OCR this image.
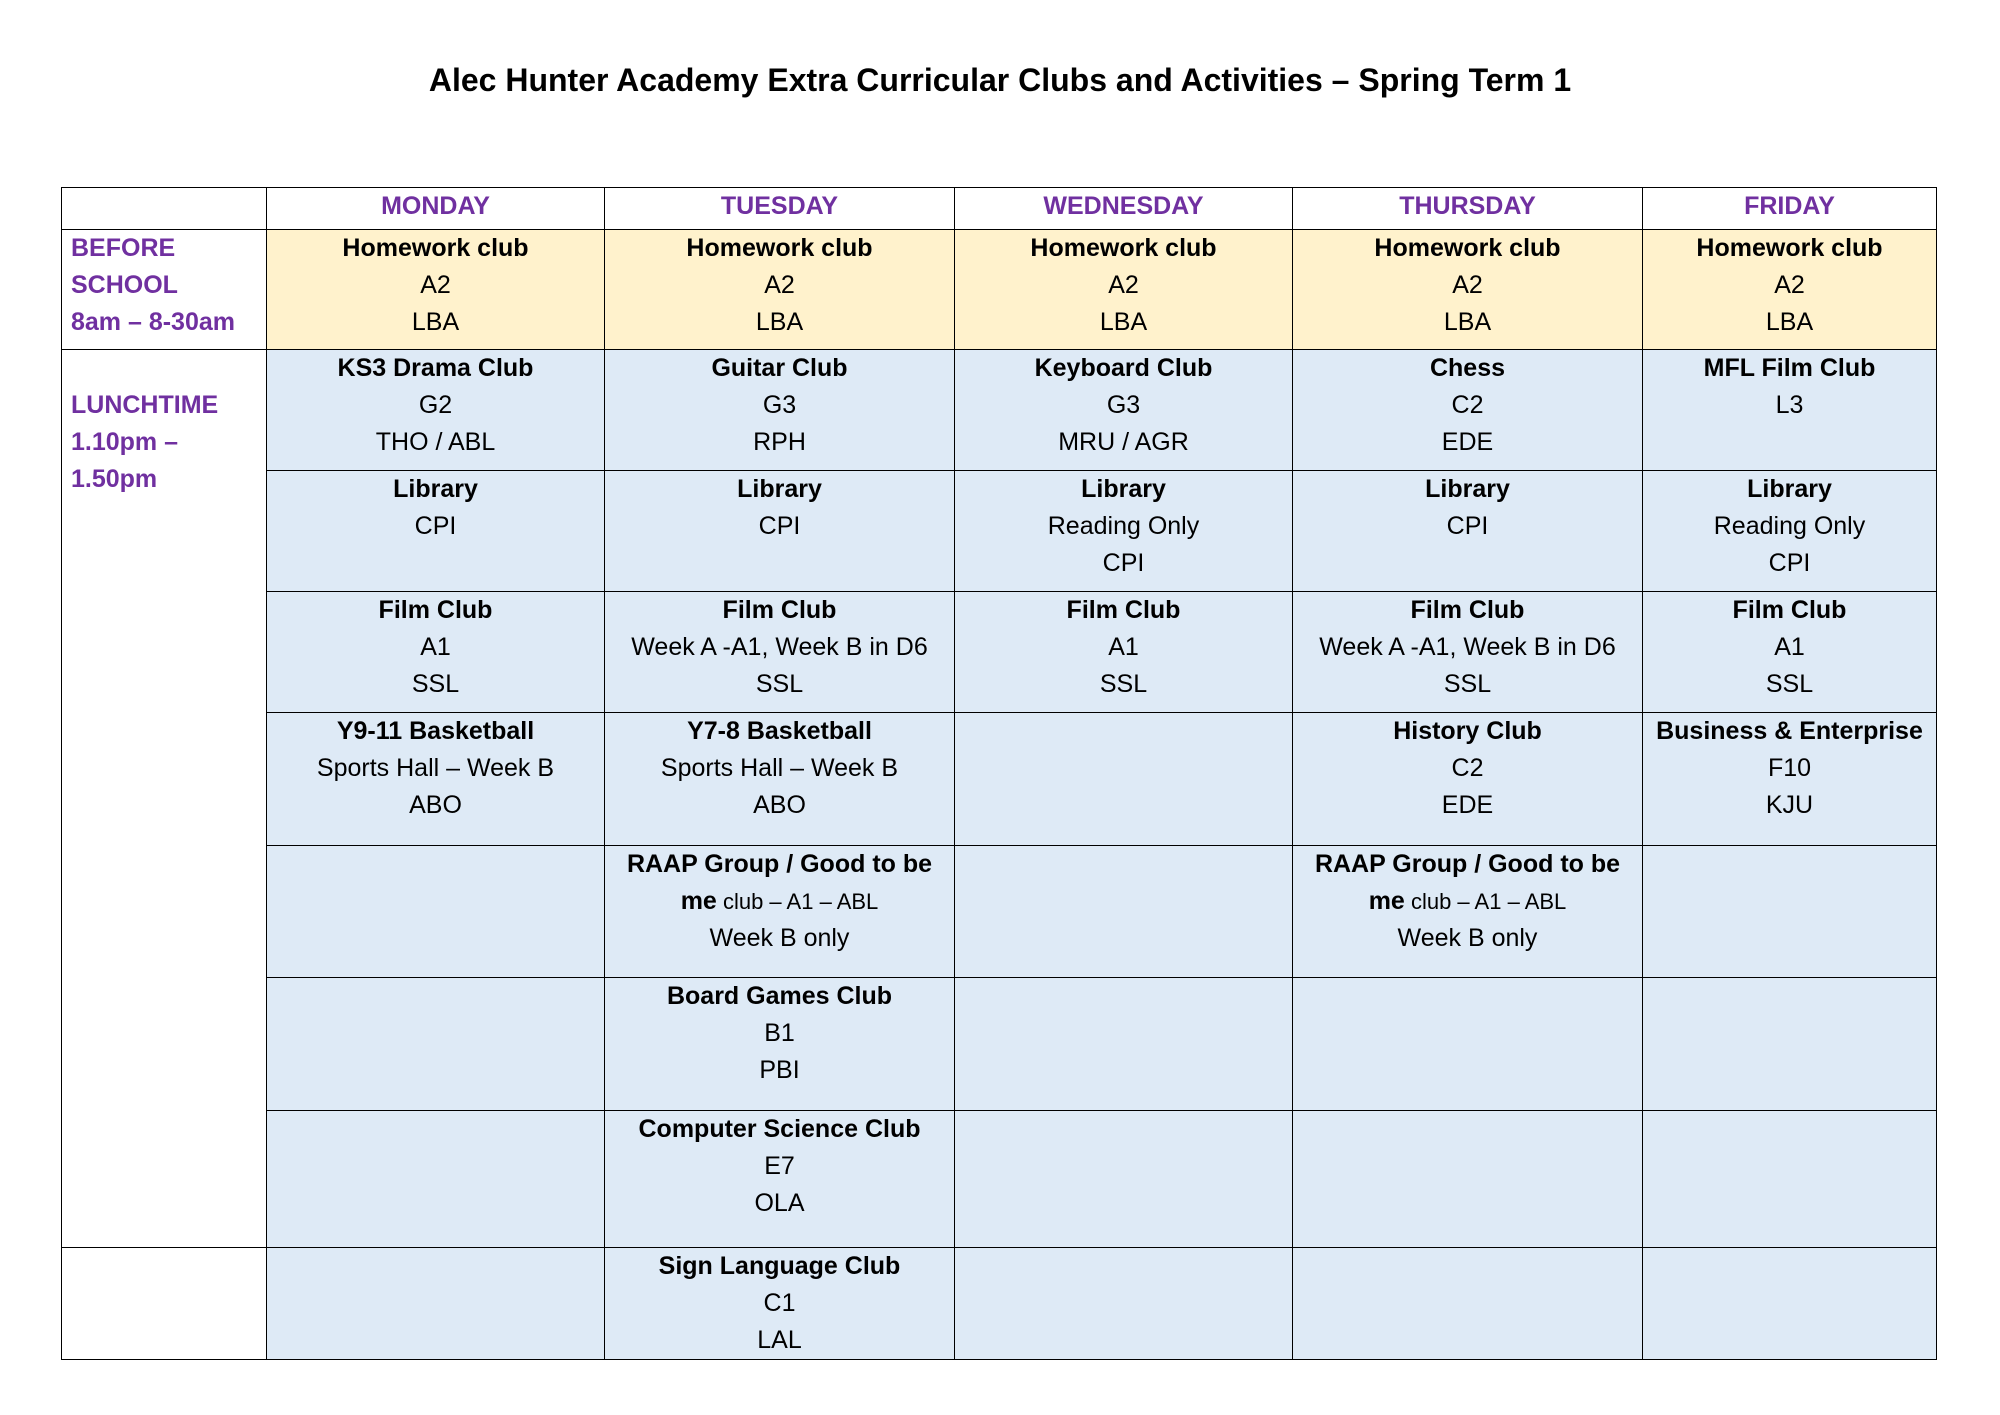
Alec Hunter Academy Extra Curricular Clubs and Activities – Spring Term 1
	MONDAY	TUESDAY	WEDNESDAY	THURSDAY	FRIDAY

BEFORE
SCHOOL
8am – 8-30am	Homework club
A2
LBA	Homework club
A2
LBA	Homework club
A2
LBA	Homework club
A2
LBA	Homework club
A2
LBA

LUNCHTIME
1.10pm –
1.50pm	KS3 Drama Club
G2
THO / ABL	Guitar Club
G3
RPH	Keyboard Club
G3
MRU / AGR	Chess
C2
EDE	MFL Film Club
L3

	Library
CPI	Library
CPI	Library
Reading Only
CPI	Library
CPI	Library
Reading Only
CPI

	Film Club
A1
SSL	Film Club
Week A -A1, Week B in D6
SSL	Film Club
A1
SSL	Film Club
Week A -A1, Week B in D6
SSL	Film Club
A1
SSL

	Y9-11 Basketball
Sports Hall – Week B
ABO	Y7-8 Basketball
Sports Hall – Week B
ABO		History Club
C2
EDE	Business & Enterprise
F10
KJU

		RAAP Group / Good to be
me club – A1 – ABL
Week B only		RAAP Group / Good to be
me club – A1 – ABL
Week B only	

		Board Games Club
B1
PBI			

		Computer Science Club
E7
OLA			

		Sign Language Club
C1
LAL			
